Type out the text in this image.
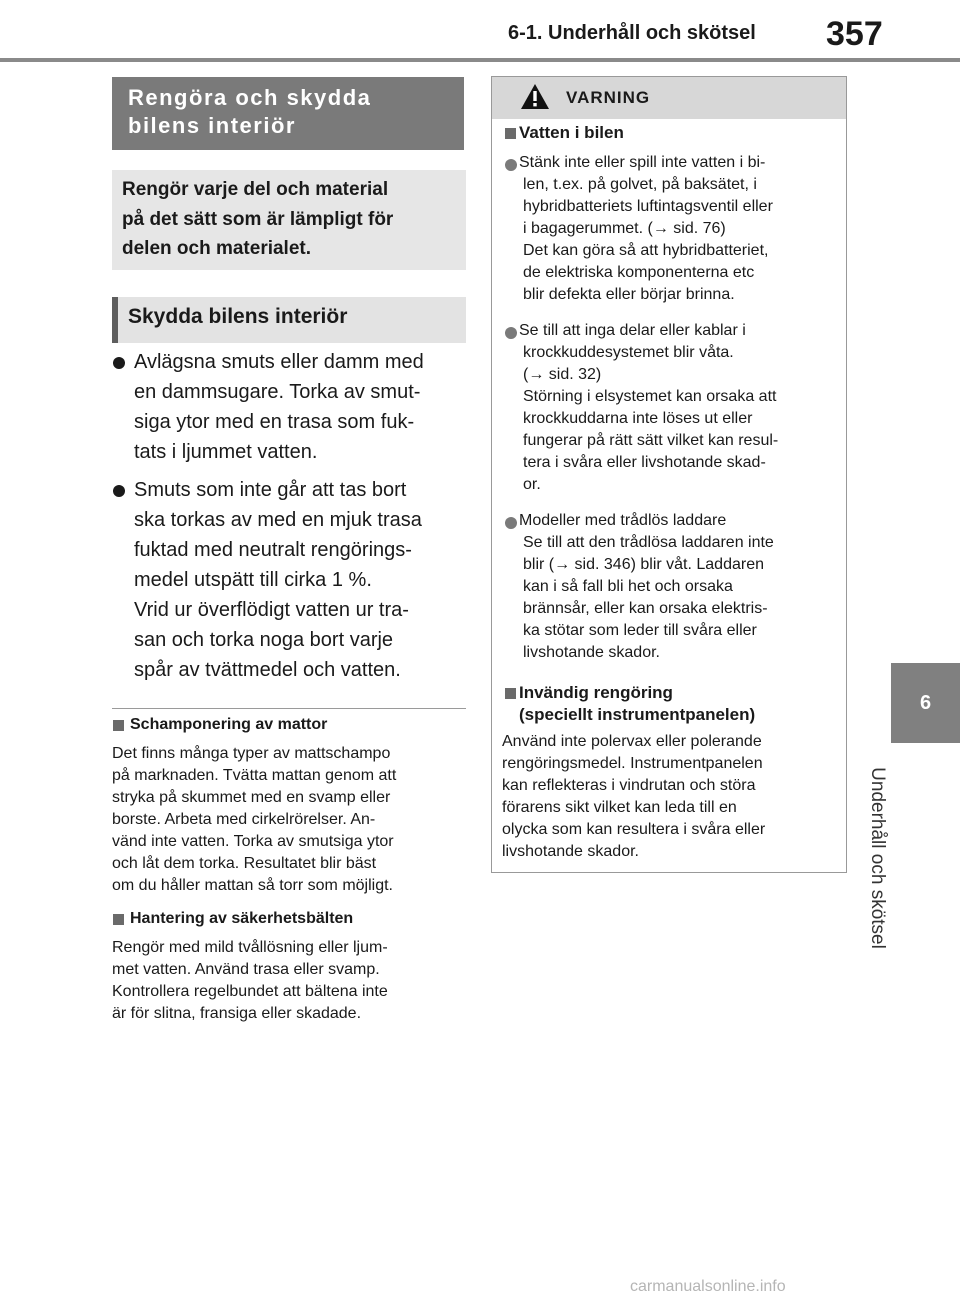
6-1. Underhåll och skötsel 357
6
Underhåll och skötsel
Rengöra och skydda
bilens interiör
Rengör varje del och material
på det sätt som är lämpligt för
delen och materialet.
Skydda bilens interiör
Avlägsna smuts eller damm med
en dammsugare. Torka av smut-
siga ytor med en trasa som fuk-
tats i ljummet vatten.
Smuts som inte går att tas bort
ska torkas av med en mjuk trasa
fuktad med neutralt rengörings-
medel utspätt till cirka 1 %.
Vrid ur överflödigt vatten ur tra-
san och torka noga bort varje
spår av tvättmedel och vatten.
Schamponering av mattor
Det finns många typer av mattschampo
på marknaden. Tvätta mattan genom att
stryka på skummet med en svamp eller
borste. Arbeta med cirkelrörelser. An-
vänd inte vatten. Torka av smutsiga ytor
och låt dem torka. Resultatet blir bäst
om du håller mattan så torr som möjligt.
Hantering av säkerhetsbälten
Rengör med mild tvållösning eller ljum-
met vatten. Använd trasa eller svamp.
Kontrollera regelbundet att bältena inte
är för slitna, fransiga eller skadade.
VARNING
Vatten i bilen
Stänk inte eller spill inte vatten i bi-
len, t.ex. på golvet, på baksätet, i
hybridbatteriets luftintagsventil eller
i bagagerummet. (→ sid. 76)
Det kan göra så att hybridbatteriet,
de elektriska komponenterna etc
blir defekta eller börjar brinna.
Se till att inga delar eller kablar i
krockkuddesystemet blir våta.
(→ sid. 32)
Störning i elsystemet kan orsaka att
krockkuddarna inte löses ut eller
fungerar på rätt sätt vilket kan resul-
tera i svåra eller livshotande skad-
or.
Modeller med trådlös laddare
Se till att den trådlösa laddaren inte
blir (→ sid. 346) blir våt. Laddaren
kan i så fall bli het och orsaka
brännsår, eller kan orsaka elektris-
ka stötar som leder till svåra eller
livshotande skador.
Invändig rengöring
(speciellt instrumentpanelen)
Använd inte polervax eller polerande
rengöringsmedel. Instrumentpanelen
kan reflekteras i vindrutan och störa
förarens sikt vilket kan leda till en
olycka som kan resultera i svåra eller
livshotande skador.
carmanualsonline.info
